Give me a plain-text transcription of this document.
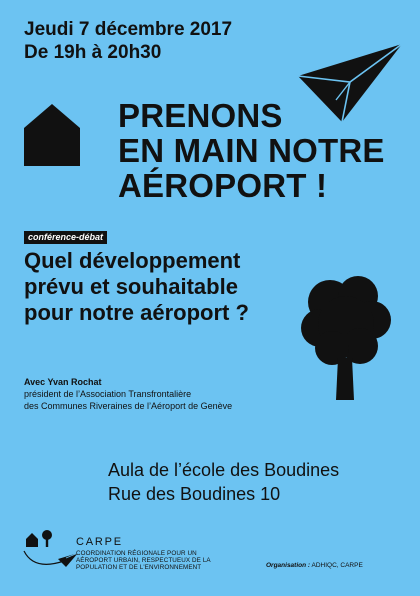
Jeudi 7 décembre 2017
De 19h à 20h30
PRENONS
EN MAIN NOTRE
AÉROPORT !
conférence-débat
Quel développement
prévu et souhaitable
pour notre aéroport ?
Avec Yvan Rochat
président de l’Association Transfrontalière
des Communes Riveraines de l’Aéroport de Genève
Aula de l’école des Boudines
Rue des Boudines 10
CARPE
COORDINATION RÉGIONALE POUR UN
AÉROPORT URBAIN, RESPECTUEUX DE LA
POPULATION ET DE L'ENVIRONNEMENT	Organisation : ADHIQC, CARPE
